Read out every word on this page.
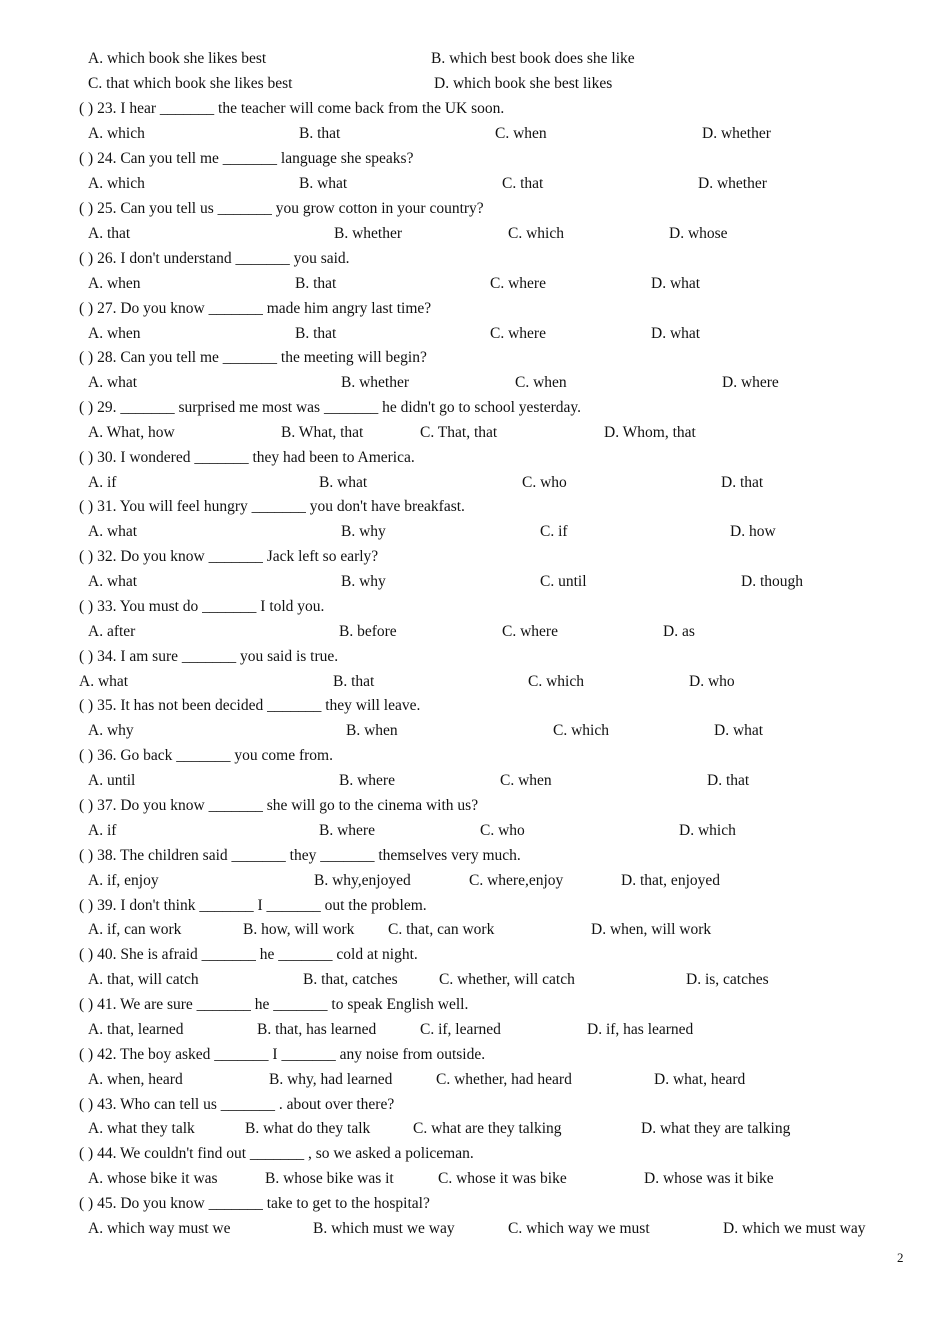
A. which book she likes best	B. which best book does she like
C. that which book she likes best	D. which book she best likes
( ) 23. I hear _______ the teacher will come back from the UK soon.
A. which	B. that	C. when	D. whether
( ) 24. Can you tell me _______ language she speaks?
A. which	B. what	C. that	D. whether
( ) 25. Can you tell us _______ you grow cotton in your country?
A. that	B. whether	C. which	D. whose
( ) 26. I don't understand _______ you said.
A. when	B. that	C. where	D. what
( ) 27. Do you know _______ made him angry last time?
A. when	B. that	C. where	D. what
( ) 28. Can you tell me _______ the meeting will begin?
A. what	B. whether	C. when	D. where
( ) 29. _______ surprised me most was _______ he didn't go to school yesterday.
A. What, how	B. What, that	C. That, that	D. Whom, that
( ) 30. I wondered _______ they had been to America.
A. if	B. what	C. who	D. that
( ) 31. You will feel hungry _______ you don't have breakfast.
A. what	B. why	C. if	D. how
( ) 32. Do you know _______ Jack left so early?
A. what	B. why	C. until	D. though
( ) 33. You must do _______ I told you.
A. after	B. before	C. where	D. as
( ) 34. I am sure _______ you said is true.
A. what	B. that	C. which	D. who
( ) 35. It has not been decided _______ they will leave.
A. why	B. when	C. which	D. what
( ) 36. Go back _______ you come from.
A. until	B. where	C. when	D. that
( ) 37. Do you know _______ she will go to the cinema with us?
A. if	B. where	C. who	D. which
( ) 38. The children said _______ they _______ themselves very much.
A. if, enjoy	B. why,enjoyed	C. where,enjoy	D. that, enjoyed
( ) 39. I don't think _______ I _______ out the problem.
A. if, can work	B. how, will work C. that, can work	D. when, will work
( ) 40. She is afraid _______ he _______ cold at night.
A. that, will catch	B. that, catches	C. whether, will catch	D. is, catches
( ) 41. We are sure _______ he _______ to speak English well.
A. that, learned	B. that, has learned	C. if, learned	D. if, has learned
( ) 42. The boy asked _______ I _______ any noise from outside.
A. when, heard	B. why, had learned	C. whether, had heard	D. what, heard
( ) 43. Who can tell us _______ . about over there?
A. what they talk	B. what do they talk	C. what are they talking	D. what they are talking
( ) 44. We couldn't find out _______ , so we asked a policeman.
A. whose bike it was	B. whose bike was it	C. whose it was bike	D. whose was it bike
( ) 45. Do you know _______ take to get to the hospital?
A. which way must we	B. which must we way	C. which way we must	D. which we must way
2
